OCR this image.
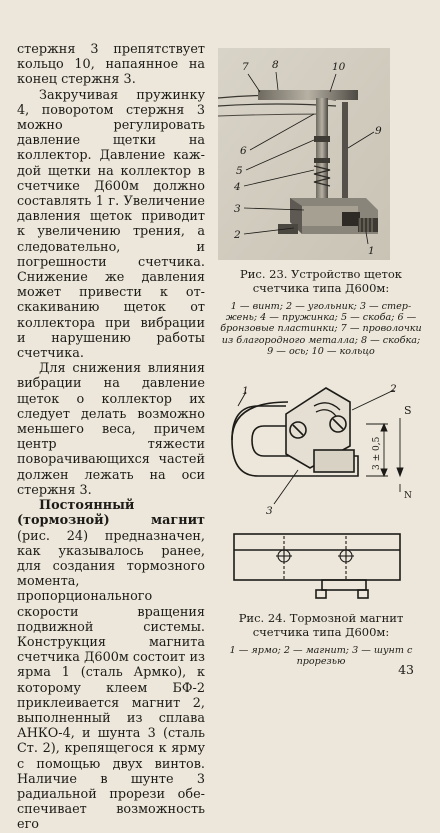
стержня 3 препятствует кольцо 10, напаянное на конец стержня 3.

Закручивая пружинку 4, поворотом стержня 3 можно регулировать давление щетки на коллектор. Давление каждой щетки на коллектор в счетчике Д600м должно составлять 1 г. Увеличение давления щеток приводит к увеличению трения, а следовательно, и погрешности счетчика. Снижение же давления может привести к отскакиванию щеток от коллектора при вибрации и нарушению работы счетчика.

Для снижения влияния вибрации на давление щеток о коллектор их следует делать возможно меньшего веса, причем центр тяжести поворачивающихся частей должен лежать на оси стержня 3.

Постоянный (тормозной) магнит (рис. 24) предназначен, как указывалось ранее, для создания тормозного момента, пропорционального скорости вращения подвижной системы. Конструкция магнита счетчика Д600м состоит из ярма 1 (сталь Армко), к которому клеем БФ-2 приклеивается магнит 2, выполненный из сплава АНКО-4, и шунта 3 (сталь Ст. 2), крепящегося к ярму с помощью двух винтов. Наличие в шунте 3 радиальной прорези обеспечивает возможность его

7 8	10
9
6
5
4
3
2
1

Рис. 23. Устройство щеток счетчика типа Д600м:

1 — винт; 2 — угольник; 3 — стержень; 4 — пружинка; 5 — скоба; 6 — бронзовые пластинки; 7 — проволочки из благородного металла; 8 — скобка; 9 — ось; 10 — кольцо

1	2
3
S
N
3 ± 0,5

Рис. 24. Тормозной магнит счетчика типа Д600м:

1 — ярмо; 2 — магнит; 3 — шунт с прорезью

43
